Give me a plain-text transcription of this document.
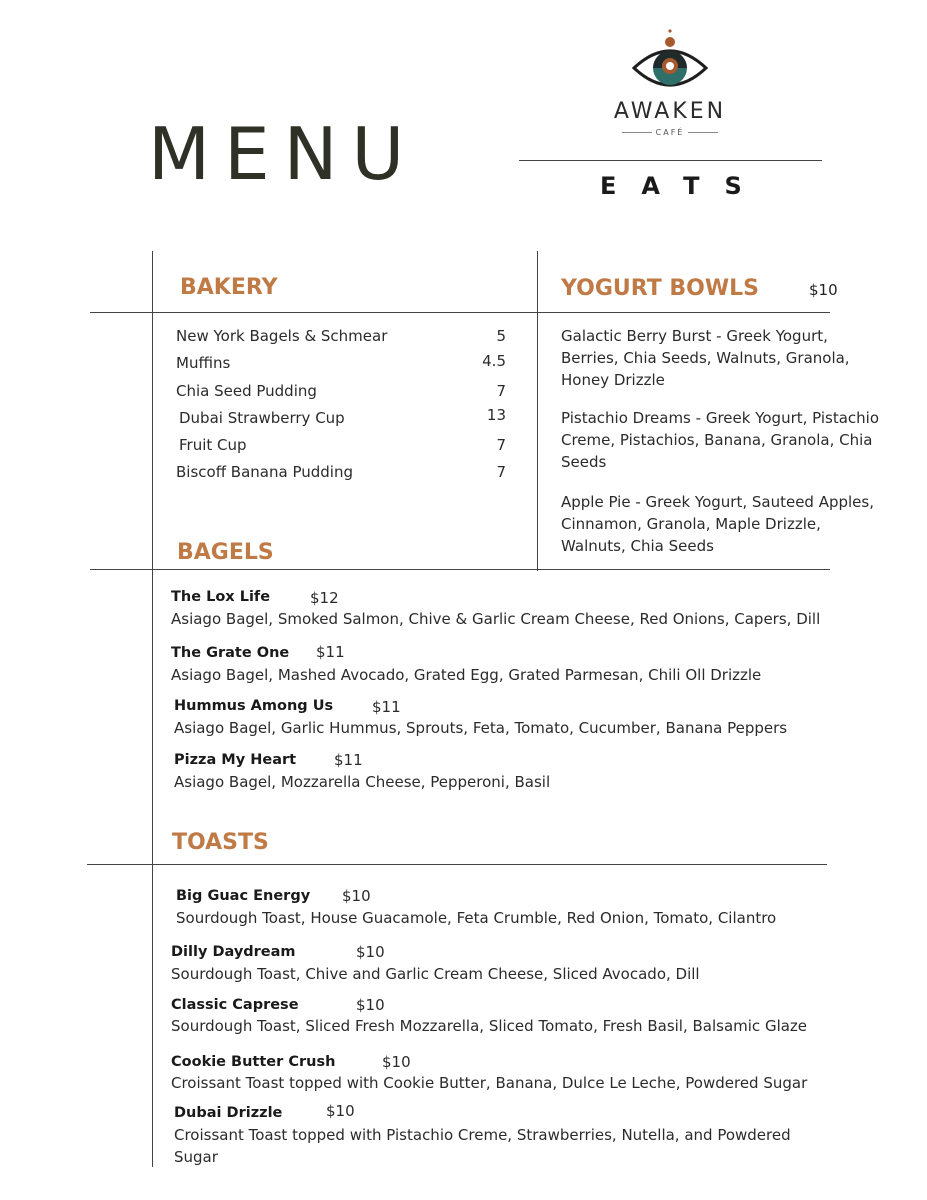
MENU
AWAKEN
CAFÉ
EATS
BAKERY
New York Bagels & Schmear	5
Muffins	4.5
Chia Seed Pudding	7
Dubai Strawberry Cup	13
Fruit Cup	7
Biscoff Banana Pudding	7
YOGURT BOWLS	$10
Galactic Berry Burst - Greek Yogurt, Berries, Chia Seeds, Walnuts, Granola, Honey Drizzle
Pistachio Dreams - Greek Yogurt, Pistachio Creme, Pistachios, Banana, Granola, Chia Seeds
Apple Pie - Greek Yogurt, Sauteed Apples, Cinnamon, Granola, Maple Drizzle, Walnuts, Chia Seeds
BAGELS
The Lox Life	$12
Asiago Bagel, Smoked Salmon, Chive & Garlic Cream Cheese, Red Onions, Capers, Dill
The Grate One $11
Asiago Bagel, Mashed Avocado, Grated Egg, Grated Parmesan, Chili Oll Drizzle
Hummus Among Us	$11
Asiago Bagel, Garlic Hummus, Sprouts, Feta, Tomato, Cucumber, Banana Peppers
Pizza My Heart	$11
Asiago Bagel, Mozzarella Cheese, Pepperoni, Basil
TOASTS
Big Guac Energy $10
Sourdough Toast, House Guacamole, Feta Crumble, Red Onion, Tomato, Cilantro
Dilly Daydream	$10
Sourdough Toast, Chive and Garlic Cream Cheese, Sliced Avocado, Dill
Classic Caprese	$10
Sourdough Toast, Sliced Fresh Mozzarella, Sliced Tomato, Fresh Basil, Balsamic Glaze
Cookie Butter Crush	$10
Croissant Toast topped with Cookie Butter, Banana, Dulce Le Leche, Powdered Sugar
Dubai Drizzle	$10
Croissant Toast topped with Pistachio Creme, Strawberries, Nutella, and Powdered Sugar
